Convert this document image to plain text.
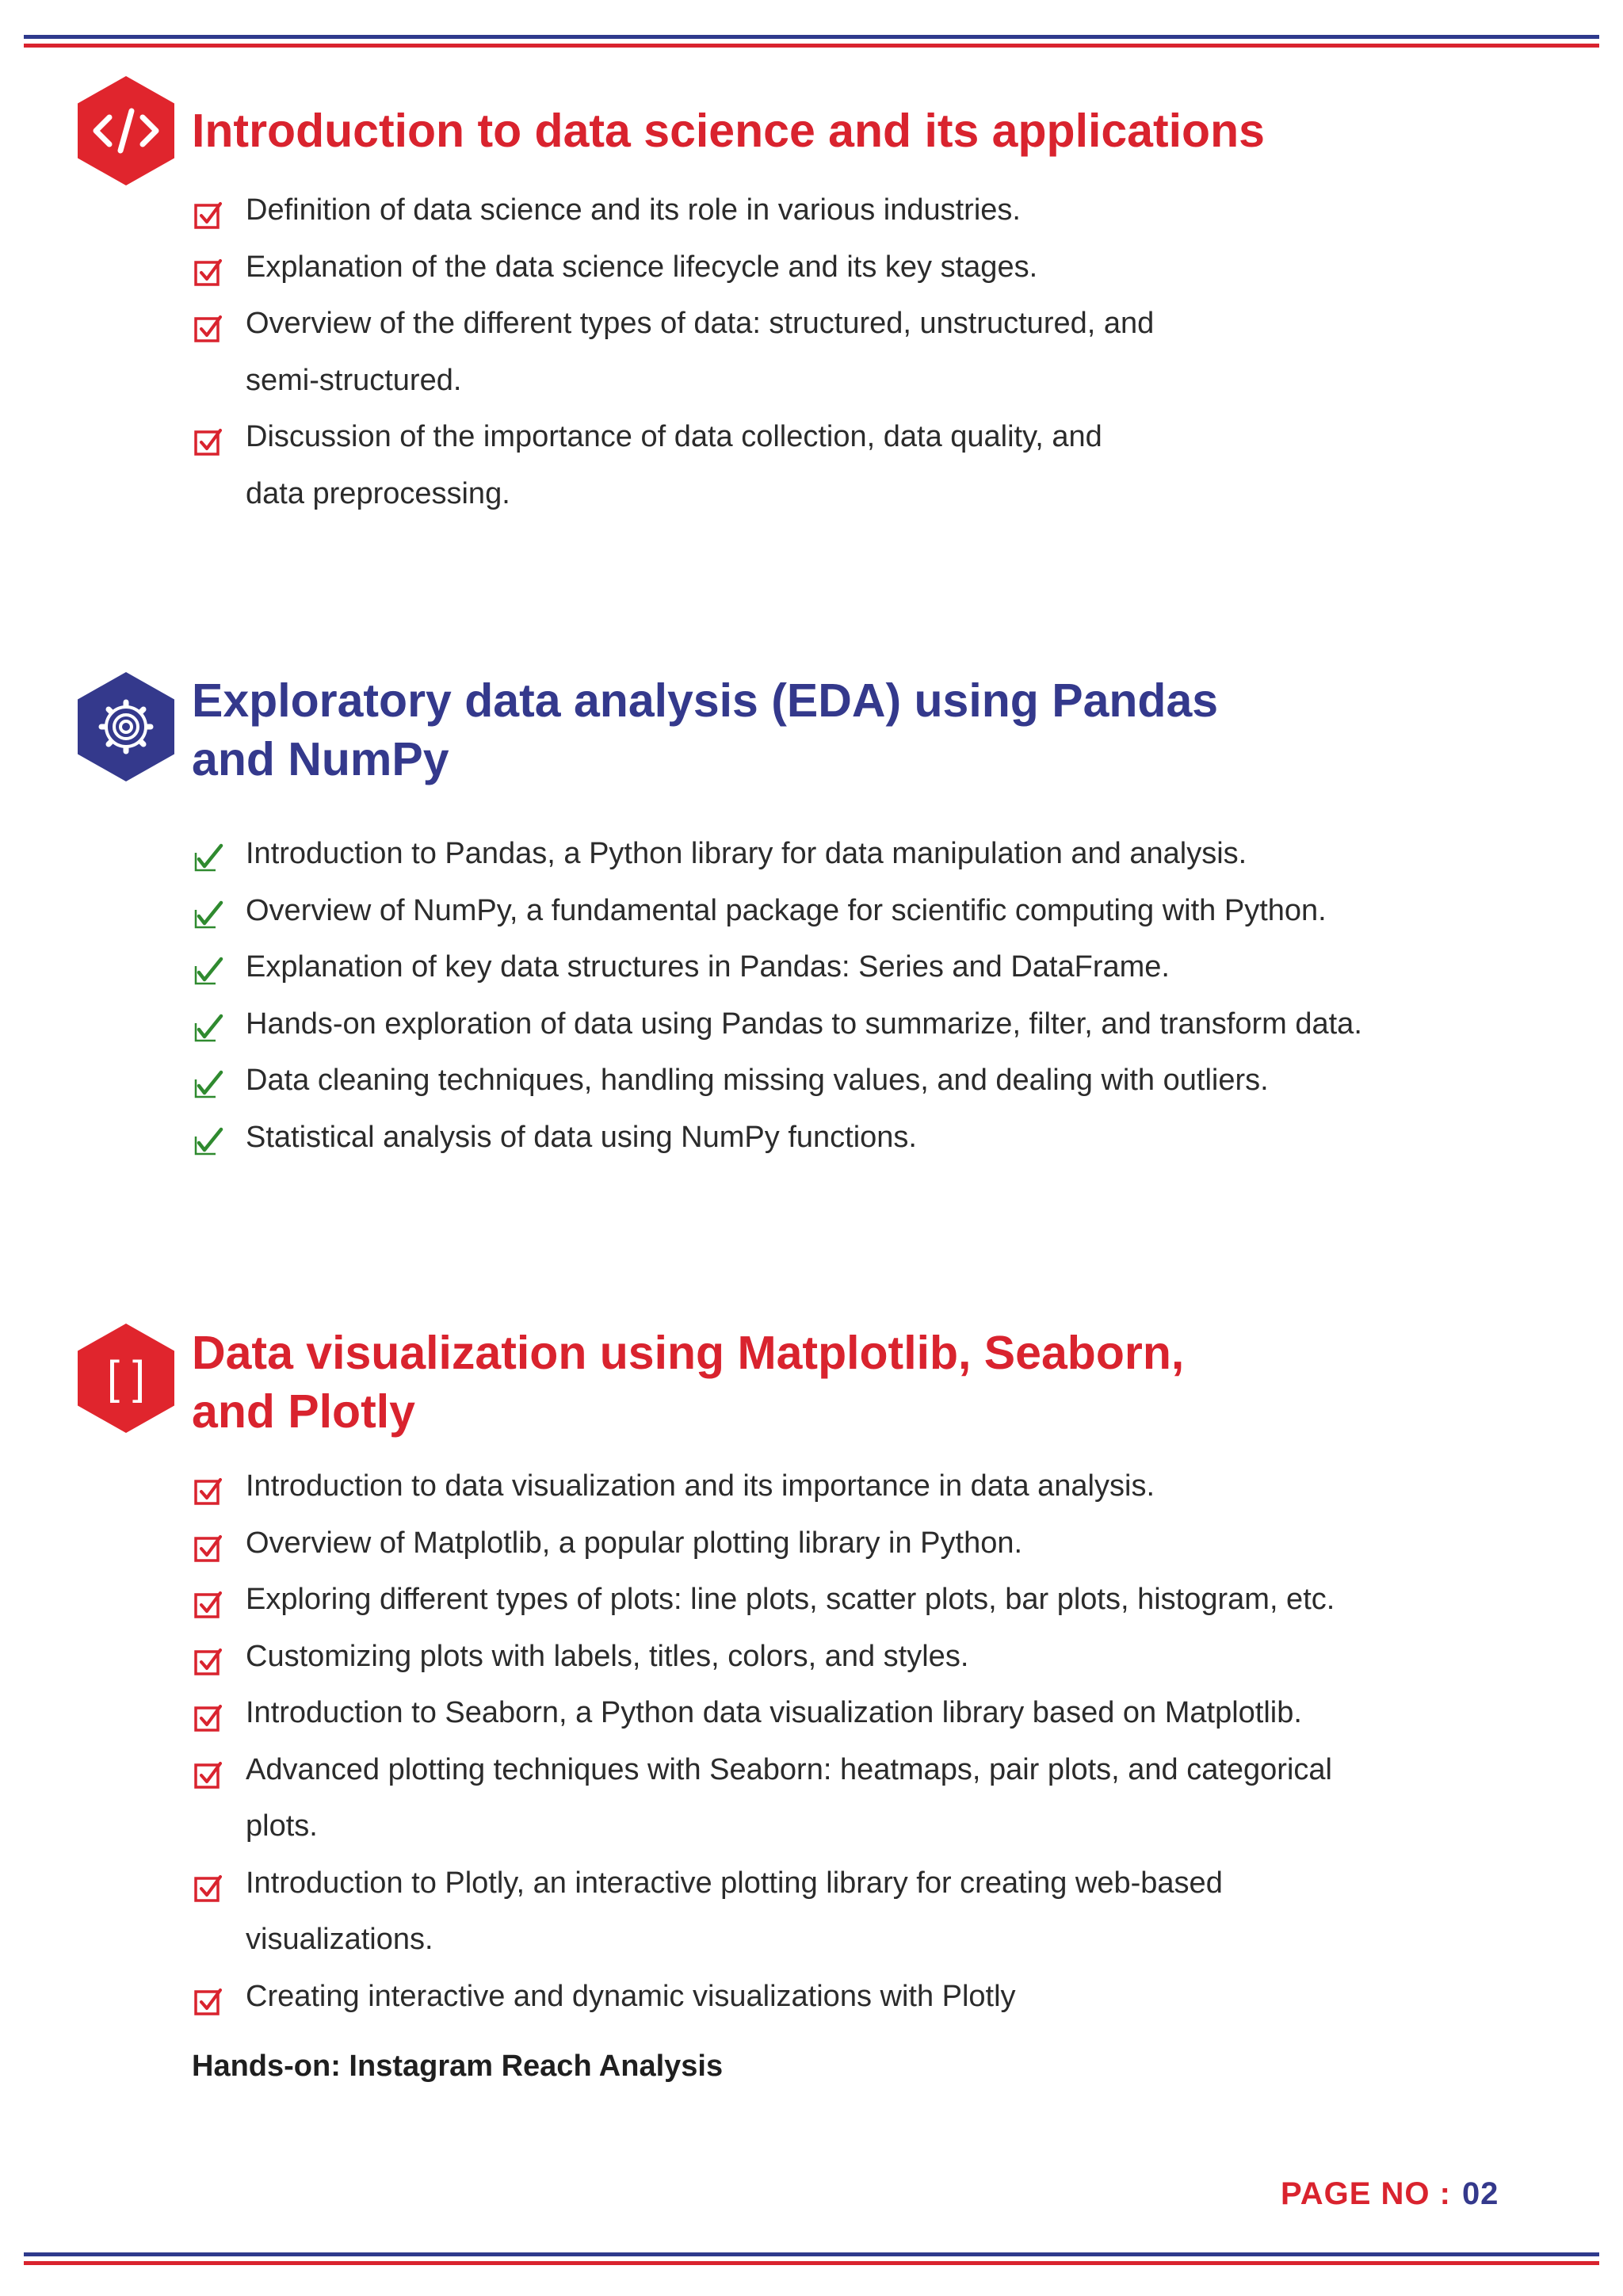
Introduction to data science and its applications
Definition of data science and its role in various industries.
Explanation of the data science lifecycle and its key stages.
Overview of the different types of data: structured, unstructured, and
semi-structured.
Discussion of the importance of data collection, data quality, and
data preprocessing.
Exploratory data analysis (EDA) using Pandas
and NumPy
Introduction to Pandas, a Python library for data manipulation and analysis.
Overview of NumPy, a fundamental package for scientific computing with Python.
Explanation of key data structures in Pandas: Series and DataFrame.
Hands-on exploration of data using Pandas to summarize, filter, and transform data.
Data cleaning techniques, handling missing values, and dealing with outliers.
Statistical analysis of data using NumPy functions.
[ ] Data visualization using Matplotlib, Seaborn,
and Plotly
Introduction to data visualization and its importance in data analysis.
Overview of Matplotlib, a popular plotting library in Python.
Exploring different types of plots: line plots, scatter plots, bar plots, histogram, etc.
Customizing plots with labels, titles, colors, and styles.
Introduction to Seaborn, a Python data visualization library based on Matplotlib.
Advanced plotting techniques with Seaborn: heatmaps, pair plots, and categorical
plots.
Introduction to Plotly, an interactive plotting library for creating web-based
visualizations.
Creating interactive and dynamic visualizations with Plotly
Hands-on: Instagram Reach Analysis
PAGE NO : 02
